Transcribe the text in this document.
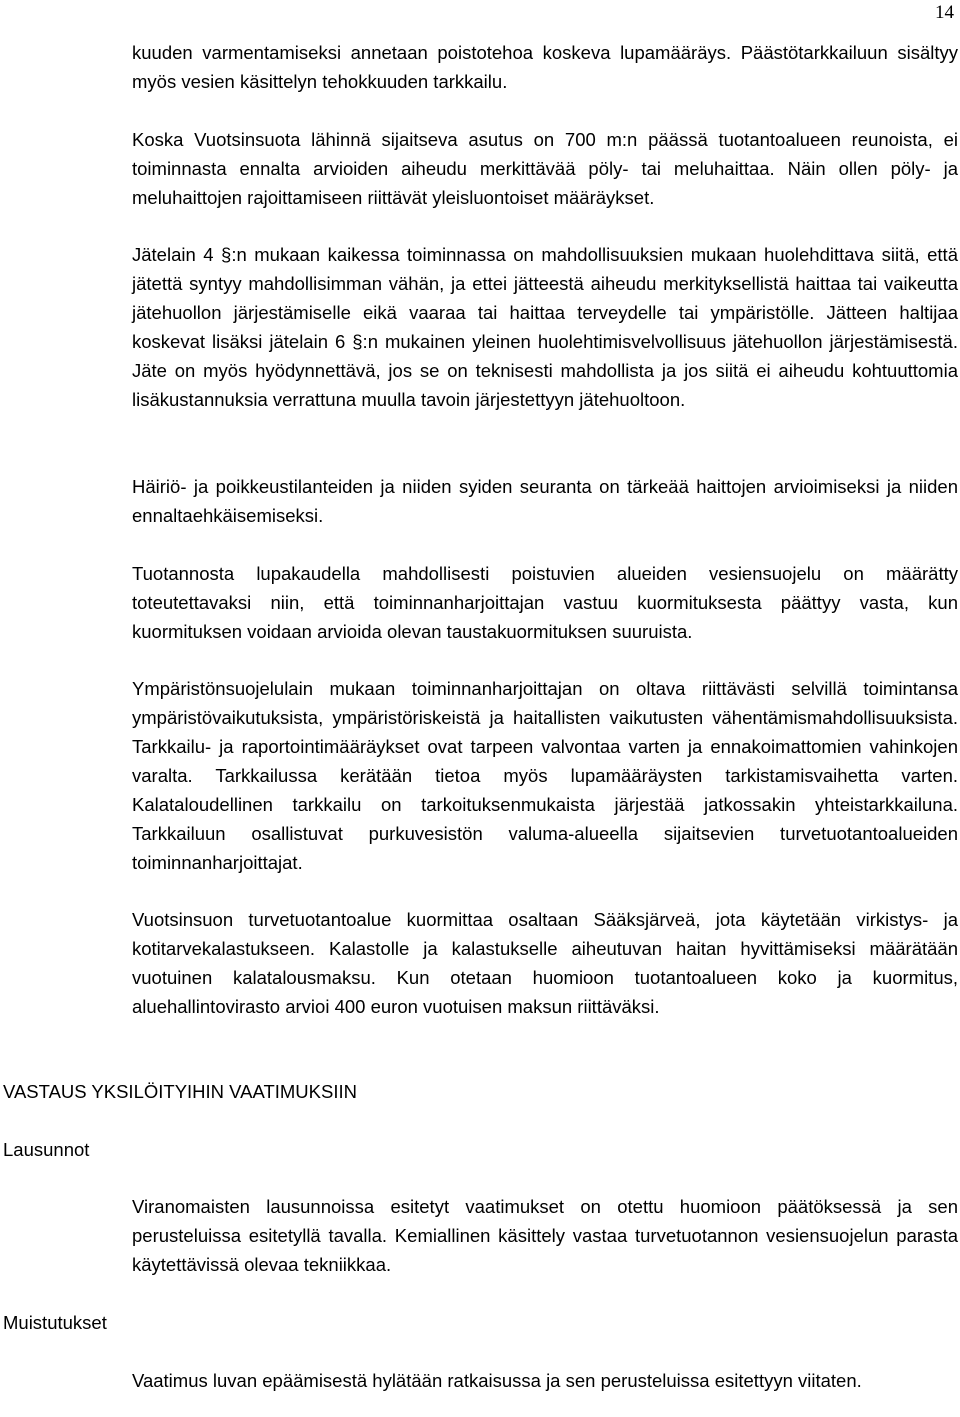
14

kuuden varmentamiseksi annetaan poistotehoa koskeva lupamääräys. Päästötarkkailuun sisältyy myös vesien käsittelyn tehokkuuden tarkkailu.

Koska Vuotsinsuota lähinnä sijaitseva asutus on 700 m:n päässä tuotantoalueen reunoista, ei toiminnasta ennalta arvioiden aiheudu merkittävää pöly- tai meluhaittaa. Näin ollen pöly- ja meluhaittojen rajoittamiseen riittävät yleisluontoiset määräykset.

Jätelain 4 §:n mukaan kaikessa toiminnassa on mahdollisuuksien mukaan huolehdittava siitä, että jätettä syntyy mahdollisimman vähän, ja ettei jätteestä aiheudu merkityksellistä haittaa tai vaikeutta jätehuollon järjestämiselle eikä vaaraa tai haittaa terveydelle tai ympäristölle. Jätteen haltijaa koskevat lisäksi jätelain 6 §:n mukainen yleinen huolehtimisvelvollisuus jätehuollon järjestämisestä. Jäte on myös hyödynnettävä, jos se on teknisesti mahdollista ja jos siitä ei aiheudu kohtuuttomia lisäkustannuksia verrattuna muulla tavoin järjestettyyn jätehuoltoon.

Häiriö- ja poikkeustilanteiden ja niiden syiden seuranta on tärkeää haittojen arvioimiseksi ja niiden ennaltaehkäisemiseksi.

Tuotannosta lupakaudella mahdollisesti poistuvien alueiden vesiensuojelu on määrätty toteutettavaksi niin, että toiminnanharjoittajan vastuu kuormituksesta päättyy vasta, kun kuormituksen voidaan arvioida olevan taustakuormituksen suuruista.

Ympäristönsuojelulain mukaan toiminnanharjoittajan on oltava riittävästi selvillä toimintansa ympäristövaikutuksista, ympäristöriskeistä ja haitallisten vaikutusten vähentämismahdollisuuksista. Tarkkailu- ja raportointimääräykset ovat tarpeen valvontaa varten ja ennakoimattomien vahinkojen varalta. Tarkkailussa kerätään tietoa myös lupamääräysten tarkistamisvaihetta varten. Kalataloudellinen tarkkailu on tarkoituksenmukaista järjestää jatkossakin yhteistarkkailuna. Tarkkailuun osallistuvat purkuvesistön valuma-alueella sijaitsevien turvetuotantoalueiden toiminnanharjoittajat.

Vuotsinsuon turvetuotantoalue kuormittaa osaltaan Sääksjärveä, jota käytetään virkistys- ja kotitarvekalastukseen. Kalastolle ja kalastukselle aiheutuvan haitan hyvittämiseksi määrätään vuotuinen kalatalousmaksu. Kun otetaan huomioon tuotantoalueen koko ja kuormitus, aluehallintovirasto arvioi 400 euron vuotuisen maksun riittäväksi.

VASTAUS YKSILÖITYIHIN VAATIMUKSIIN
Lausunnot

Viranomaisten lausunnoissa esitetyt vaatimukset on otettu huomioon päätöksessä ja sen perusteluissa esitetyllä tavalla. Kemiallinen käsittely vastaa turvetuotannon vesiensuojelun parasta käytettävissä olevaa tekniikkaa.

Muistutukset

Vaatimus luvan epäämisestä hylätään ratkaisussa ja sen perusteluissa esitettyyn viitaten.
